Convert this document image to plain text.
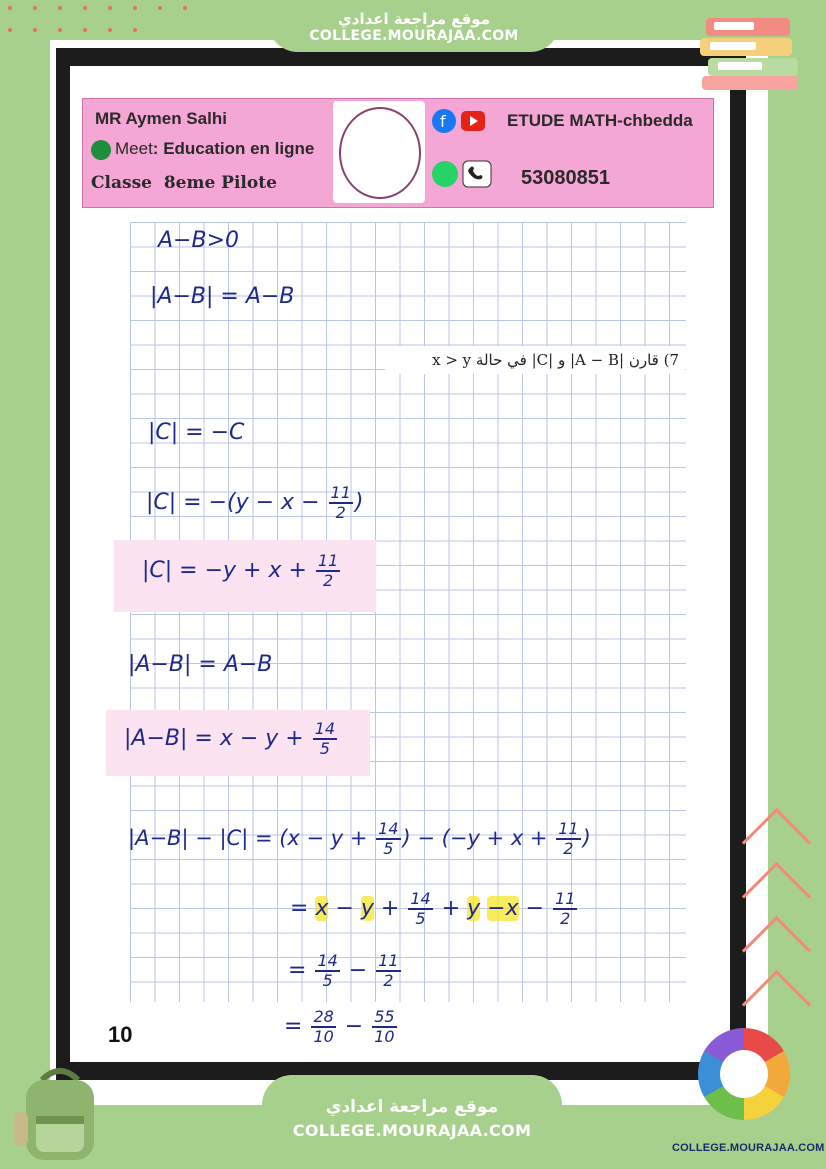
موقع مراجعة اعدادي
COLLEGE.MOURAJAA.COM
MR Aymen Salhi
Meet: Education en ligne
Classe 8eme Pilote
f	ETUDE MATH-chbedda
53080851
7) قارن |A − B| و |C| في حالة x > y
A−B>0
|A−B| = A−B
|C| = −C
$|C| = -(y - x - \frac{11}{2}$ )
$|C| = -y + x + \frac{11}{2}$
|A−B| = A−B
$|A-B| = x - y + \frac{14}{5}$
$|A-B| - |C| = (x - y + \frac{14}{5}$ ) − ($-y + x + \frac{11}{2}$ )
= $x - y + \frac{14}{5} + y -x - \frac{11}{2}$
= $\frac{14}{5} - \frac{11}{2}$
= $\frac{28}{10} - \frac{55}{10}$
10
موقع مراجعة اعدادي
COLLEGE.MOURAJAA.COM
COLLEGE.MOURAJAA.COM
